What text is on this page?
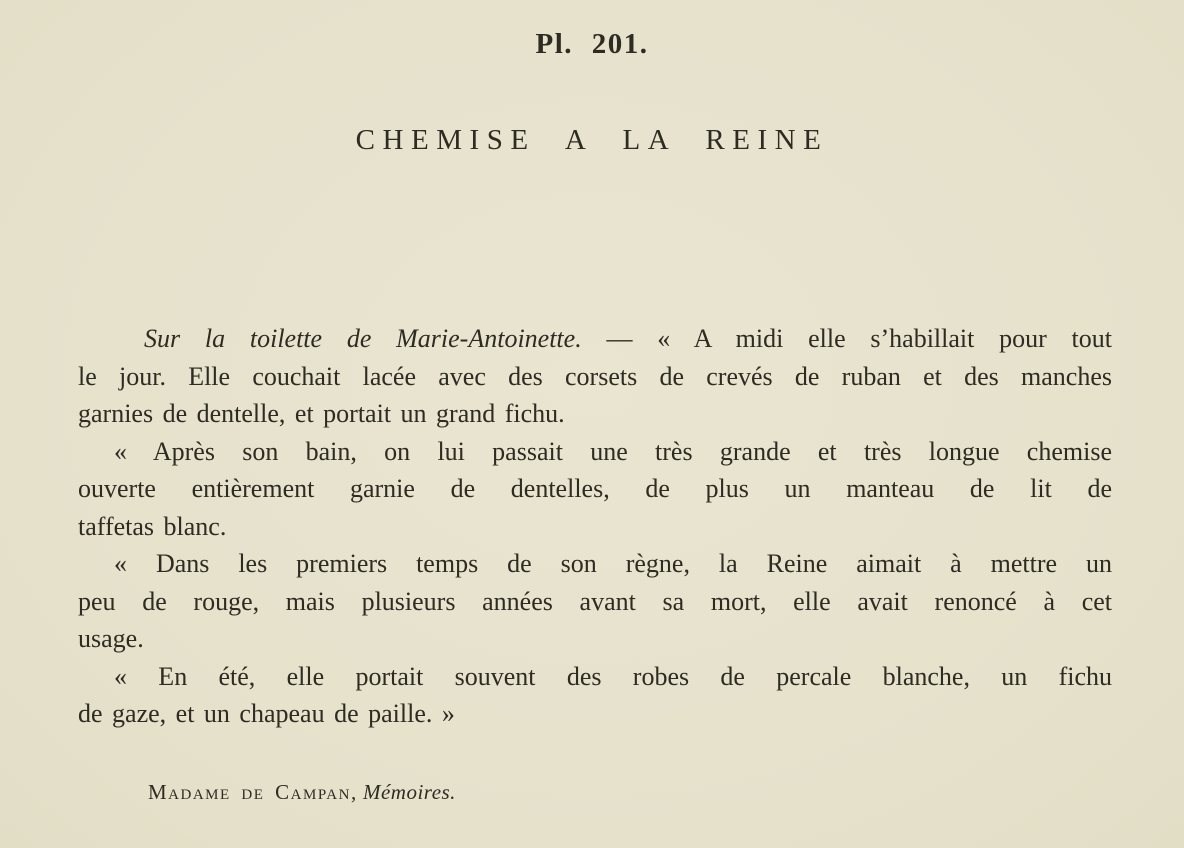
Pl. 201.
CHEMISE A LA REINE
Sur la toilette de Marie-Antoinette. — « A midi elle s’habillait pour tout
le jour. Elle couchait lacée avec des corsets de crevés de ruban et des manches
garnies de dentelle, et portait un grand fichu.
« Après son bain, on lui passait une très grande et très longue chemise
ouverte entièrement garnie de dentelles, de plus un manteau de lit de
taffetas blanc.
« Dans les premiers temps de son règne, la Reine aimait à mettre un
peu de rouge, mais plusieurs années avant sa mort, elle avait renoncé à cet
usage.
« En été, elle portait souvent des robes de percale blanche, un fichu
de gaze, et un chapeau de paille. »
Madame de Campan, Mémoires.
